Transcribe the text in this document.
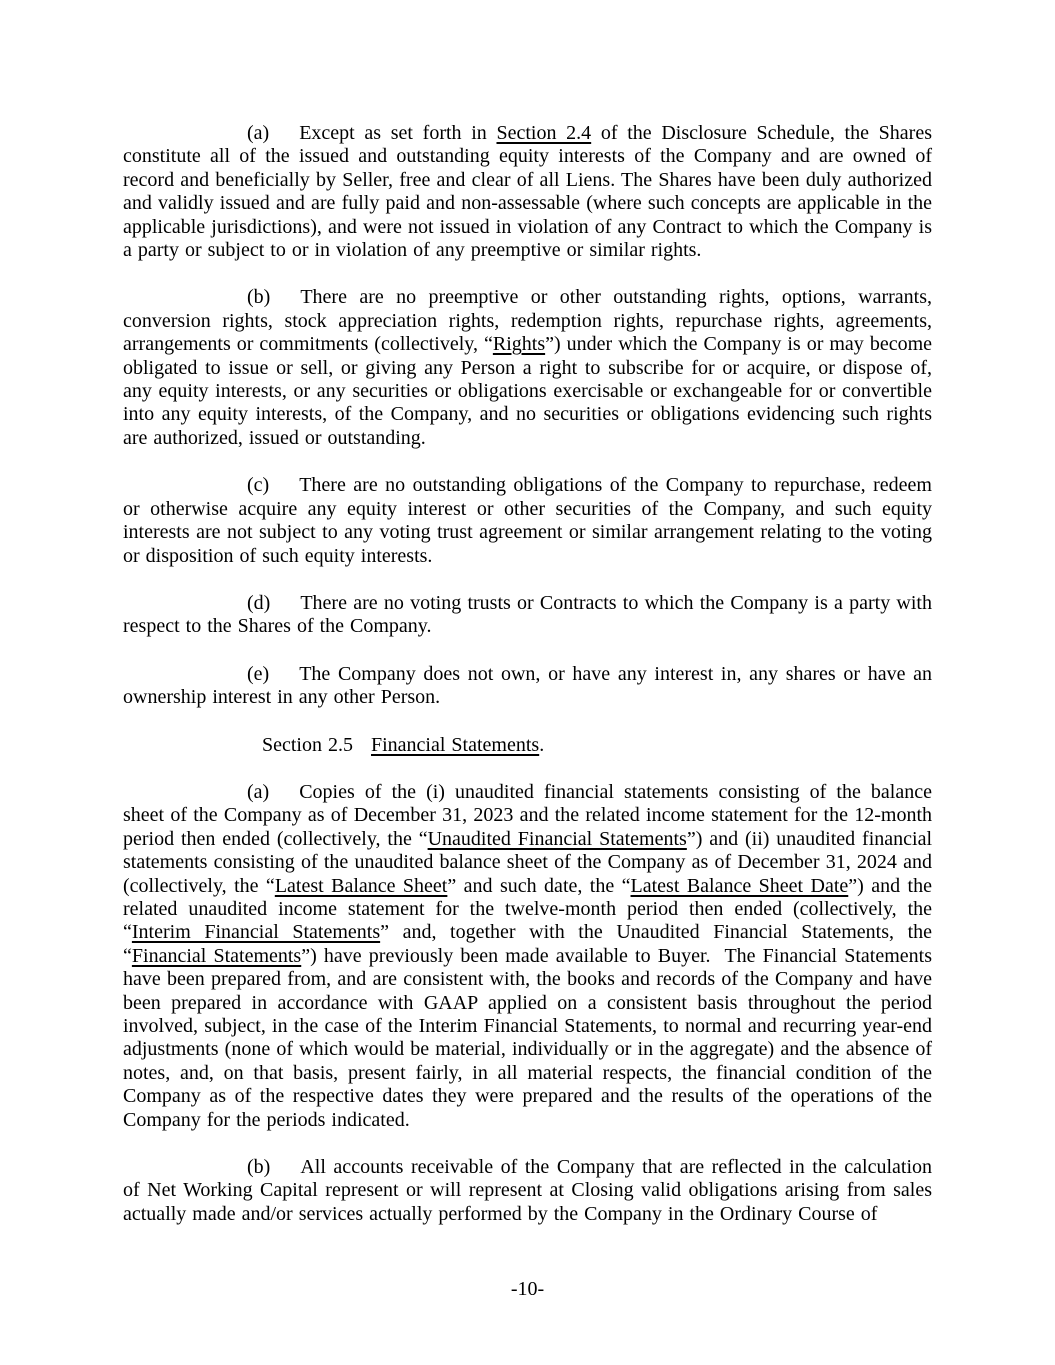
(a) Except as set forth in Section 2.4 of the Disclosure Schedule, the Shares constitute all of the issued and outstanding equity interests of the Company and are owned of record and beneficially by Seller, free and clear of all Liens. The Shares have been duly authorized and validly issued and are fully paid and non-assessable (where such concepts are applicable in the applicable jurisdictions), and were not issued in violation of any Contract to which the Company is a party or subject to or in violation of any preemptive or similar rights.

(b) There are no preemptive or other outstanding rights, options, warrants, conversion rights, stock appreciation rights, redemption rights, repurchase rights, agreements, arrangements or commitments (collectively, “Rights”) under which the Company is or may become obligated to issue or sell, or giving any Person a right to subscribe for or acquire, or dispose of, any equity interests, or any securities or obligations exercisable or exchangeable for or convertible into any equity interests, of the Company, and no securities or obligations evidencing such rights are authorized, issued or outstanding.

(c) There are no outstanding obligations of the Company to repurchase, redeem or otherwise acquire any equity interest or other securities of the Company, and such equity interests are not subject to any voting trust agreement or similar arrangement relating to the voting or disposition of such equity interests.

(d) There are no voting trusts or Contracts to which the Company is a party with respect to the Shares of the Company.

(e) The Company does not own, or have any interest in, any shares or have an ownership interest in any other Person.

Section 2.5 Financial Statements.

(a) Copies of the (i) unaudited financial statements consisting of the balance sheet of the Company as of December 31, 2023 and the related income statement for the 12-month period then ended (collectively, the “Unaudited Financial Statements”) and (ii) unaudited financial statements consisting of the unaudited balance sheet of the Company as of December 31, 2024 and (collectively, the “Latest Balance Sheet” and such date, the “Latest Balance Sheet Date”) and the related unaudited income statement for the twelve-month period then ended (collectively, the “Interim Financial Statements” and, together with the Unaudited Financial Statements, the “Financial Statements”) have previously been made available to Buyer.  The Financial Statements have been prepared from, and are consistent with, the books and records of the Company and have been prepared in accordance with GAAP applied on a consistent basis throughout the period involved, subject, in the case of the Interim Financial Statements, to normal and recurring year-end adjustments (none of which would be material, individually or in the aggregate) and the absence of notes, and, on that basis, present fairly, in all material respects, the financial condition of the Company as of the respective dates they were prepared and the results of the operations of the Company for the periods indicated.

(b) All accounts receivable of the Company that are reflected in the calculation of Net Working Capital represent or will represent at Closing valid obligations arising from sales actually made and/or services actually performed by the Company in the Ordinary Course of

-10-
